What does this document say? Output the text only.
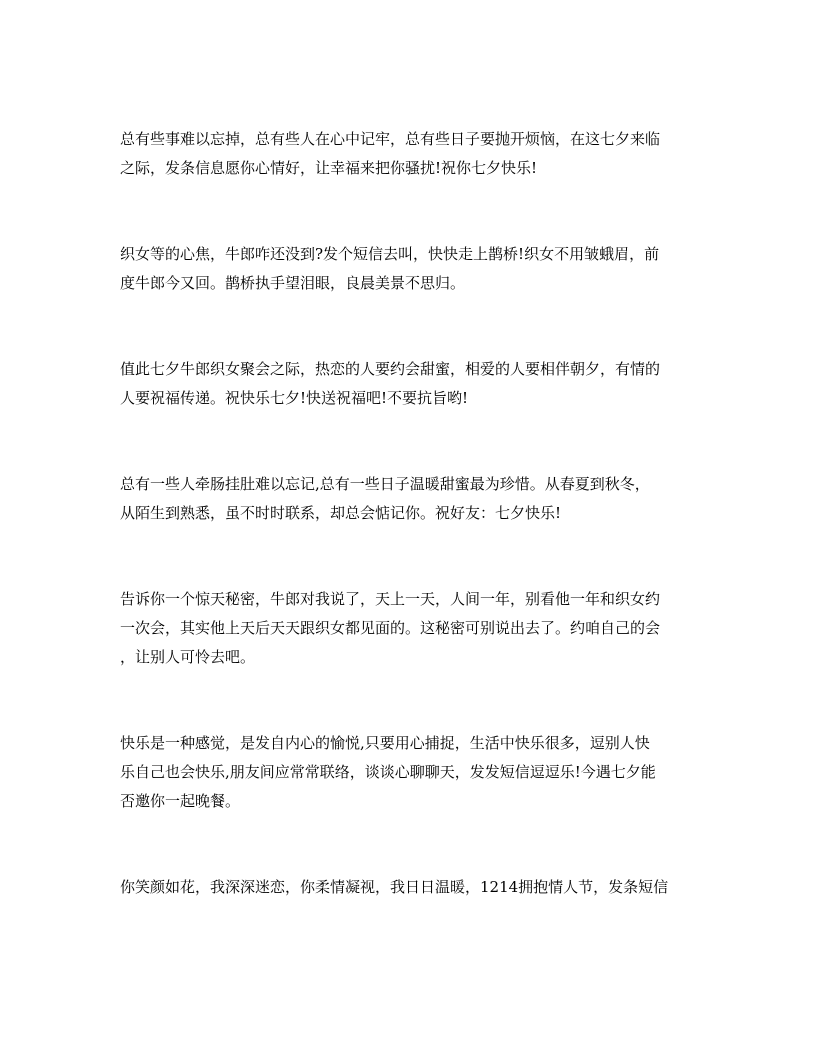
总有些事难以忘掉，总有些人在心中记牢，总有些日子要抛开烦恼，在这七夕来临
之际，发条信息愿你心情好，让幸福来把你骚扰!祝你七夕快乐!

织女等的心焦，牛郎咋还没到?发个短信去叫，快快走上鹊桥!织女不用皱蛾眉，前
度牛郎今又回。鹊桥执手望泪眼，良晨美景不思归。

值此七夕牛郎织女聚会之际，热恋的人要约会甜蜜，相爱的人要相伴朝夕，有情的
人要祝福传递。祝快乐七夕!快送祝福吧!不要抗旨哟!

总有一些人牵肠挂肚难以忘记,总有一些日子温暖甜蜜最为珍惜。从春夏到秋冬，
从陌生到熟悉，虽不时时联系，却总会惦记你。祝好友：七夕快乐!

告诉你一个惊天秘密，牛郎对我说了，天上一天，人间一年，别看他一年和织女约
一次会，其实他上天后天天跟织女都见面的。这秘密可别说出去了。约咱自己的会
，让别人可怜去吧。

快乐是一种感觉，是发自内心的愉悦,只要用心捕捉，生活中快乐很多，逗别人快
乐自己也会快乐,朋友间应常常联络，谈谈心聊聊天，发发短信逗逗乐!今遇七夕能
否邀你一起晚餐。

你笑颜如花，我深深迷恋，你柔情凝视，我日日温暖，1214拥抱情人节，发条短信
